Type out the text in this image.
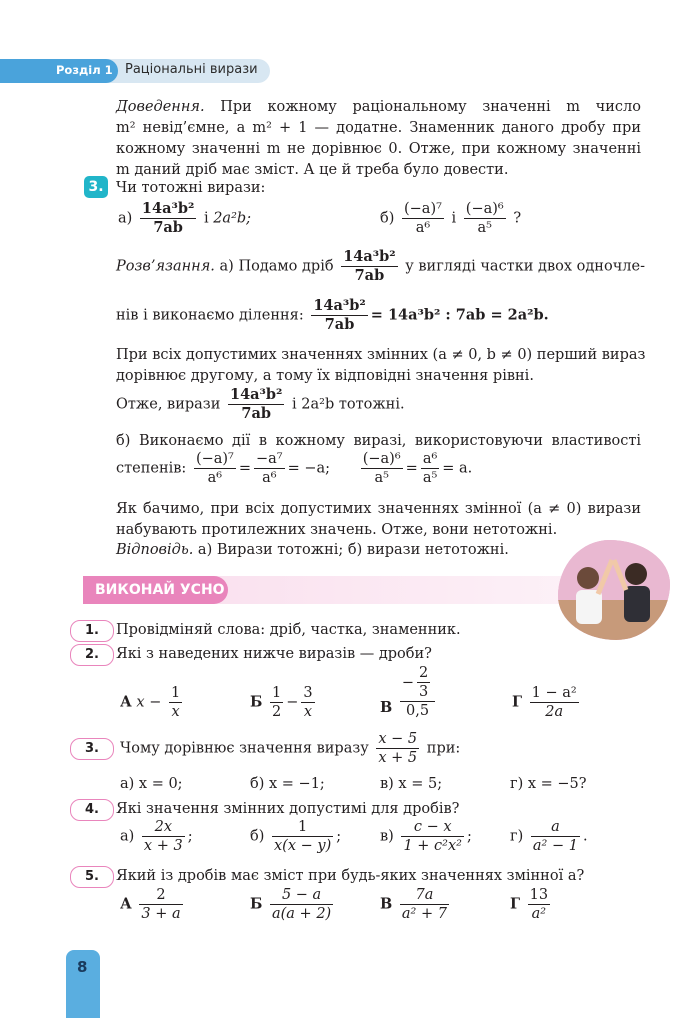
Розділ 1 Раціональні вирази
Доведення. При кожному раціональному значенні m число
m² невід’ємне, а m² + 1 — додатне. Знаменник даного дробу при
кожному значенні m не дорівнює 0. Отже, при кожному значенні
m даний дріб має зміст. А це й треба було довести.
3. Чи тотожні вирази:
$а) \frac{\text{14a³b²}}{7ab}$ і 2a²b;	$б) \frac{\text{(−a)⁷}}{\text{a⁶}}$ і $\frac{\text{(−a)⁶}}{\text{a⁵}}$ ?
Розв’язання. а) Подамо дріб $\frac{\text{14a³b²}}{7ab}$ у вигляді частки двох одночле-
нів і виконаємо ділення: $\frac{\text{14a³b²}}{7ab} = 14a^3b^2$ : 7ab = 2a²b.
При всіх допустимих значеннях змінних (a ≠ 0, b ≠ 0) перший вираз
дорівнює другому, а тому їх відповідні значення рівні.
Отже, вирази $\frac{\text{14a³b²}}{7ab}$ і 2a²b тотожні.
б) Виконаємо дії в кожному виразі, використовуючи властивості
степенів: $\frac{\text{(−a)⁷}}{\text{a⁶}} = \frac{\text{−a⁷}}{\text{a⁶}} = -a$; $\frac{\text{(−a)⁶}}{\text{a⁵}} = \frac{\text{a⁶}}{\text{a⁵}} = a$.
Як бачимо, при всіх допустимих значеннях змінної (a ≠ 0) вирази
набувають протилежних значень. Отже, вони нетотожні.
Відповідь. а) Вирази тотожні; б) вирази нетотожні.
ВИКОНАЙ УСНО
1.	Провідміняй слова: дріб, частка, знаменник.
2.	Які з наведених нижче виразів — дроби?
А $x - \frac{1}{x}$	Б $\frac{1}{2} - \frac{3}{x}$	В $\frac{- \frac{2}{3}}{0,5}$	Г $\frac{\text{1 − a²}}{2a}$
3.	Чому дорівнює значення виразу $\frac{x - 5}{x + 5}$ при:
а) x = 0;	б) x = −1;	в) x = 5;	г) x = −5?
4.	Які значення змінних допустимі для дробів?
$а) \frac{2x}{x + 3}$ ;	$б) \frac{1}{x(x - y)}$ ;	$в) \frac{c - x}{\text{1 + c²x²}}$ ;	$г) \frac{a}{\text{a² − 1}}$ .
5.	Який із дробів має зміст при будь-яких значеннях змінної a?
А $\frac{2}{3 + a}$	Б $\frac{5 - a}{a(a + 2)}$	В $\frac{7a}{\text{a² + 7}}$	Г $\frac{13}{\text{a²}}$
8
